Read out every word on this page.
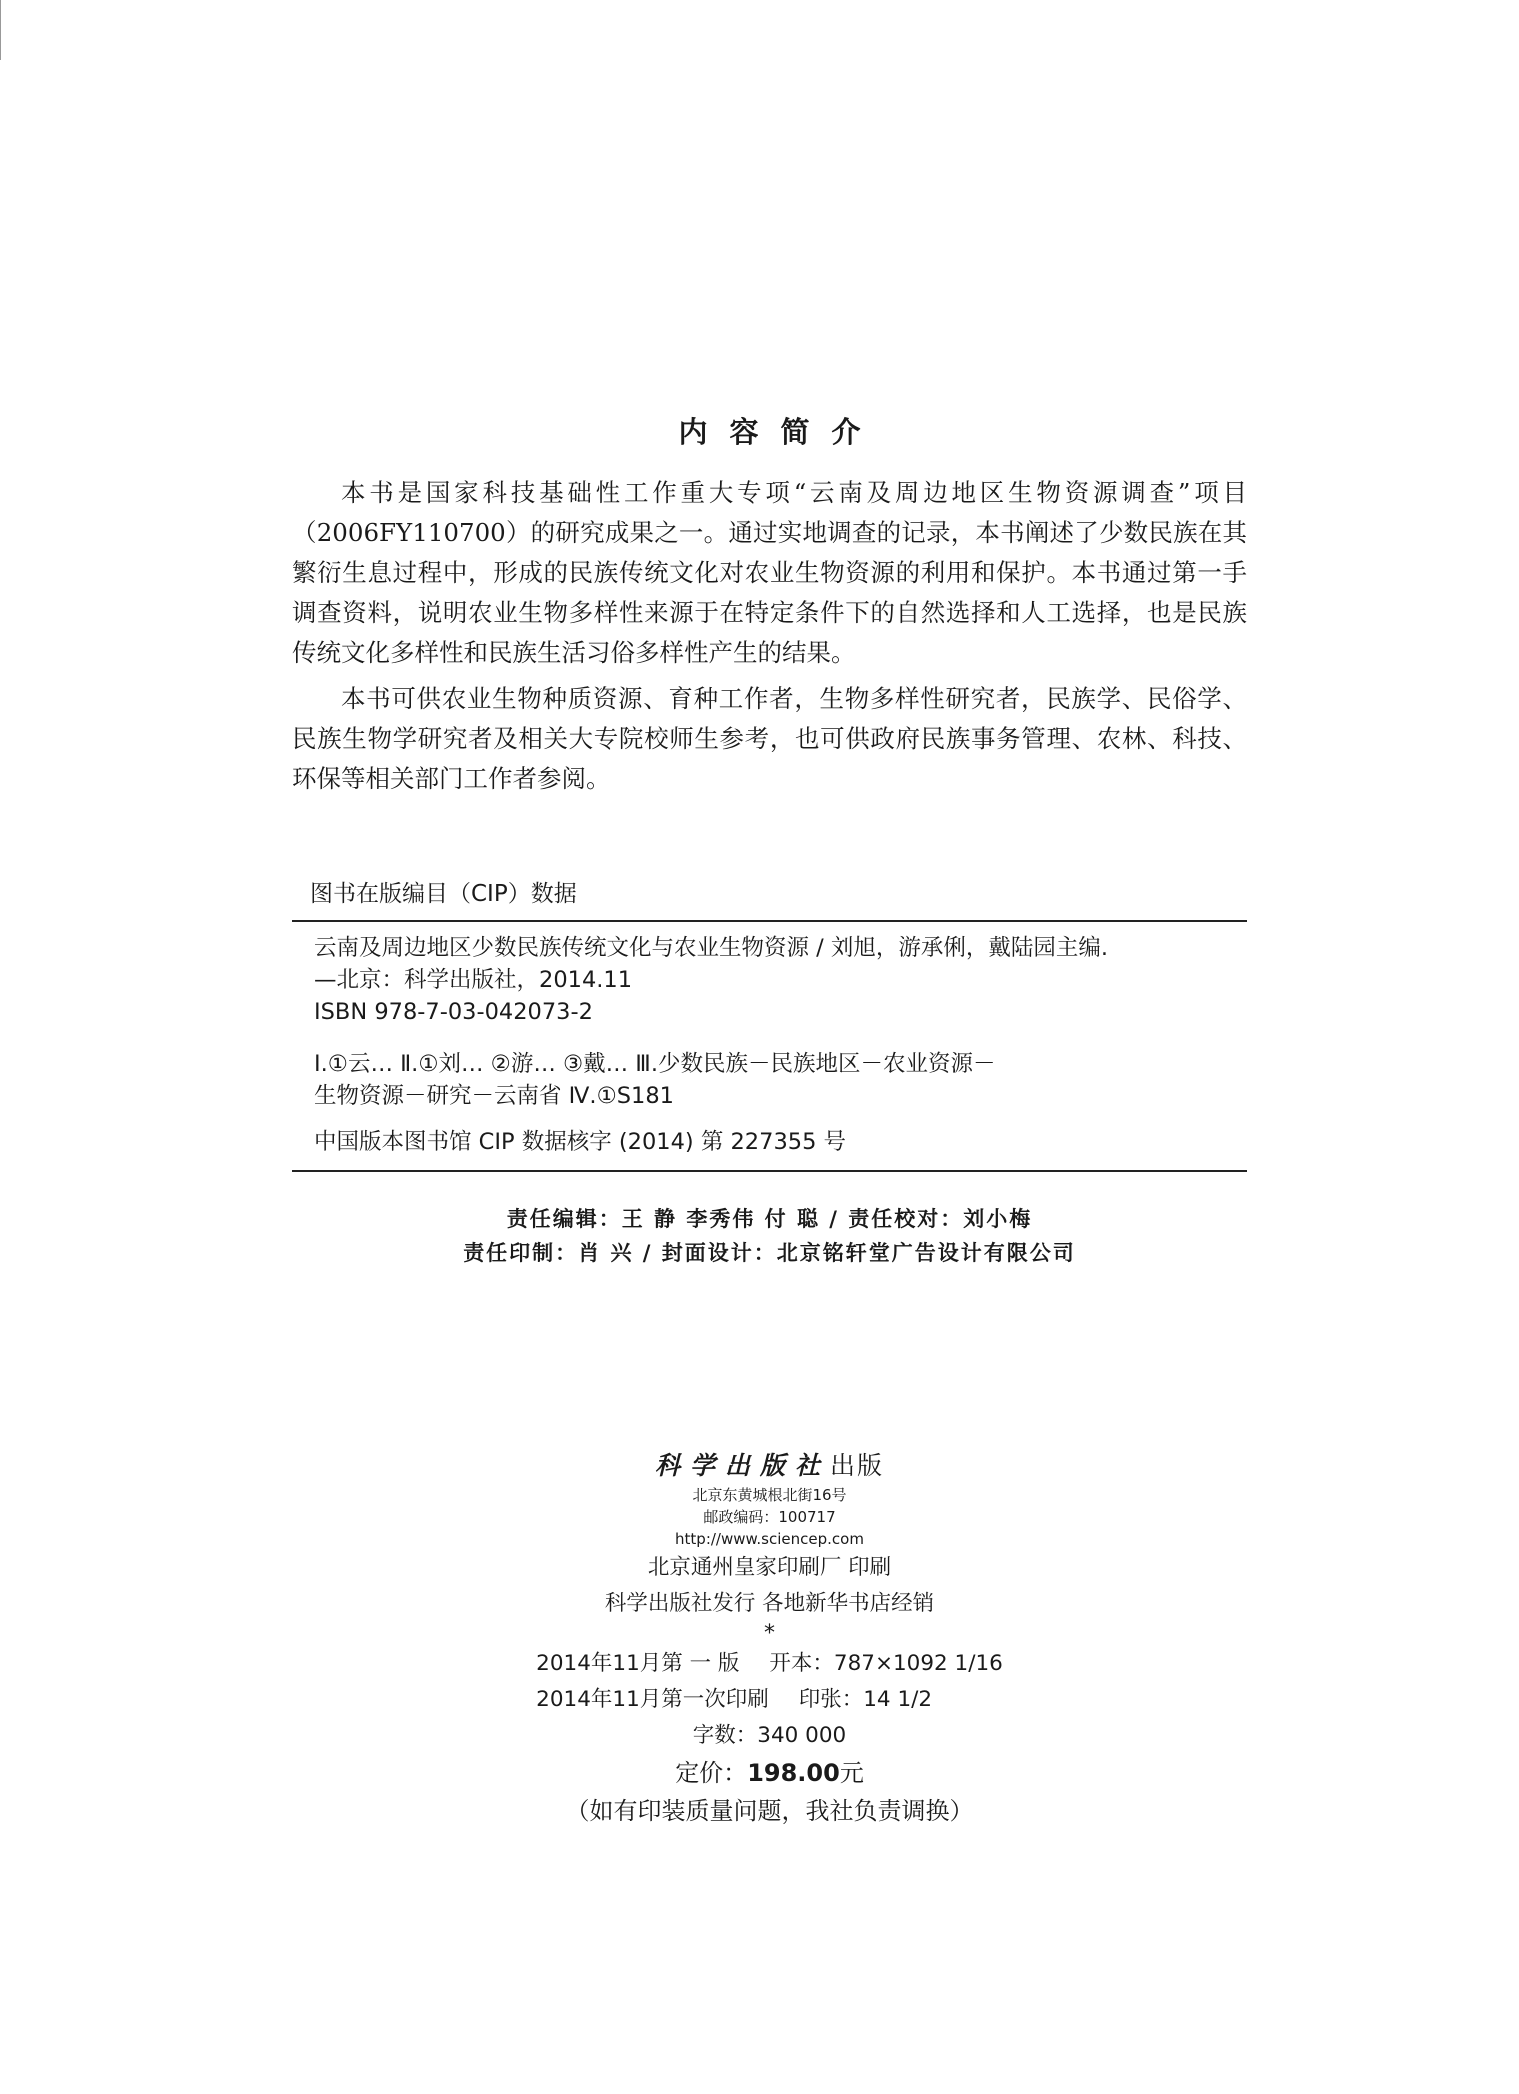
内容简介

本书是国家科技基础性工作重大专项“云南及周边地区生物资源调查”项目（2006FY110700）的研究成果之一。通过实地调查的记录，本书阐述了少数民族在其繁衍生息过程中，形成的民族传统文化对农业生物资源的利用和保护。本书通过第一手调查资料，说明农业生物多样性来源于在特定条件下的自然选择和人工选择，也是民族传统文化多样性和民族生活习俗多样性产生的结果。

本书可供农业生物种质资源、育种工作者，生物多样性研究者，民族学、民俗学、民族生物学研究者及相关大专院校师生参考，也可供政府民族事务管理、农林、科技、环保等相关部门工作者参阅。

图书在版编目（CIP）数据
云南及周边地区少数民族传统文化与农业生物资源 / 刘旭，游承俐，戴陆园主编.
—北京：科学出版社，2014.11
ISBN 978-7-03-042073-2
Ⅰ.①云… Ⅱ.①刘… ②游… ③戴… Ⅲ.少数民族－民族地区－农业资源－
生物资源－研究－云南省 Ⅳ.①S181
中国版本图书馆 CIP 数据核字 (2014) 第 227355 号
责任编辑：王 静 李秀伟 付 聪 / 责任校对：刘小梅
责任印制：肖 兴 / 封面设计：北京铭轩堂广告设计有限公司
科学出版社出版
北京东黄城根北街16号
邮政编码：100717
http://www.sciencep.com
北京通州皇家印刷厂 印刷
科学出版社发行 各地新华书店经销
*
2014年11月第 一 版 开本：787×1092 1/16
2014年11月第一次印刷 印张：14 1/2
字数：340 000
定价：198.00元
（如有印装质量问题，我社负责调换）
